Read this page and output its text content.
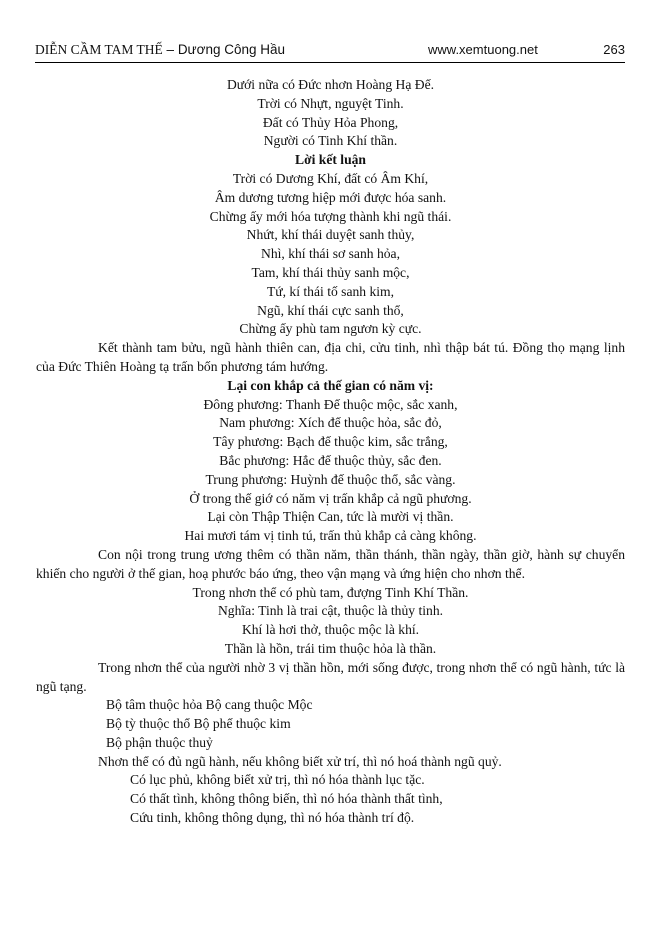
DIỄN CẦM TAM THẾ – Dương Công Hầu	www.xemtuong.net	263
Dưới nữa có Đức nhơn Hoàng Hạ Đế.
Trời có Nhựt, nguyệt Tinh.
Đất có Thủy Hỏa Phong,
Người có Tinh Khí thần.
Lời kết luận
Trời có Dương Khí, đất có Âm Khí,
Âm dương tương hiệp mới được hóa sanh.
Chừng ấy mới hóa tượng thành khi ngũ thái.
Nhứt, khí thái duyệt sanh thủy,
Nhì, khí thái sơ sanh hỏa,
Tam, khí thái thủy sanh mộc,
Tứ, kí thái tố sanh kim,
Ngũ, khí thái cực sanh thổ,
Chừng ấy phù tam ngươn kỳ cực.
Kết thành tam bửu, ngũ hành thiên can, địa chi, cửu tinh, nhì thập bát tú. Đồng thọ mạng lịnh của Đức Thiên Hoàng tạ trấn bốn phương tám hướng.
Lại con khắp cả thế gian có năm vị:
Đông phương: Thanh Đế thuộc mộc, sắc xanh,
Nam phương: Xích đế thuộc hỏa, sắc đỏ,
Tây phương: Bạch đế thuộc kim, sắc trắng,
Bắc phương: Hắc đế thuộc thủy, sắc đen.
Trung phương: Huỳnh đế thuộc thổ, sắc vàng.
Ở trong thế giớ có năm vị trấn khắp cả ngũ phương.
Lại còn Thập Thiện Can, tức là mười vị thần.
Hai mươi tám vị tinh tú, trấn thủ khắp cả càng không.
Con nội trong trung ương thêm có thần năm, thần thánh, thần ngày, thần giờ, hành sự chuyển khiến cho người ở thế gian, hoạ phước báo ứng, theo vận mạng và ứng hiện cho nhơn thể.
Trong nhơn thể có phù tam, đượng Tinh Khí Thần.
Nghĩa: Tinh là trai cật, thuộc là thủy tinh.
Khí là hơi thở, thuộc mộc là khí.
Thần là hồn, trái tim thuộc hỏa là thần.
Trong nhơn thể của người nhờ 3 vị thần hồn, mới sống được, trong nhơn thể có ngũ hành, tức là ngũ tạng.
Bộ tâm thuộc hỏa Bộ cang thuộc Mộc
Bộ tỳ thuộc thổ Bộ phế thuộc kim
Bộ phận thuộc thuỷ
Nhơn thể có đủ ngũ hành, nếu không biết xử trí, thì nó hoá thành ngũ quỷ.
Có lục phủ, không biết xử trị, thì nó hóa thành lục tặc.
Có thất tình, không thông biến, thì nó hóa thành thất tình,
Cứu tinh, không thông dụng, thì nó hóa thành trí độ.
